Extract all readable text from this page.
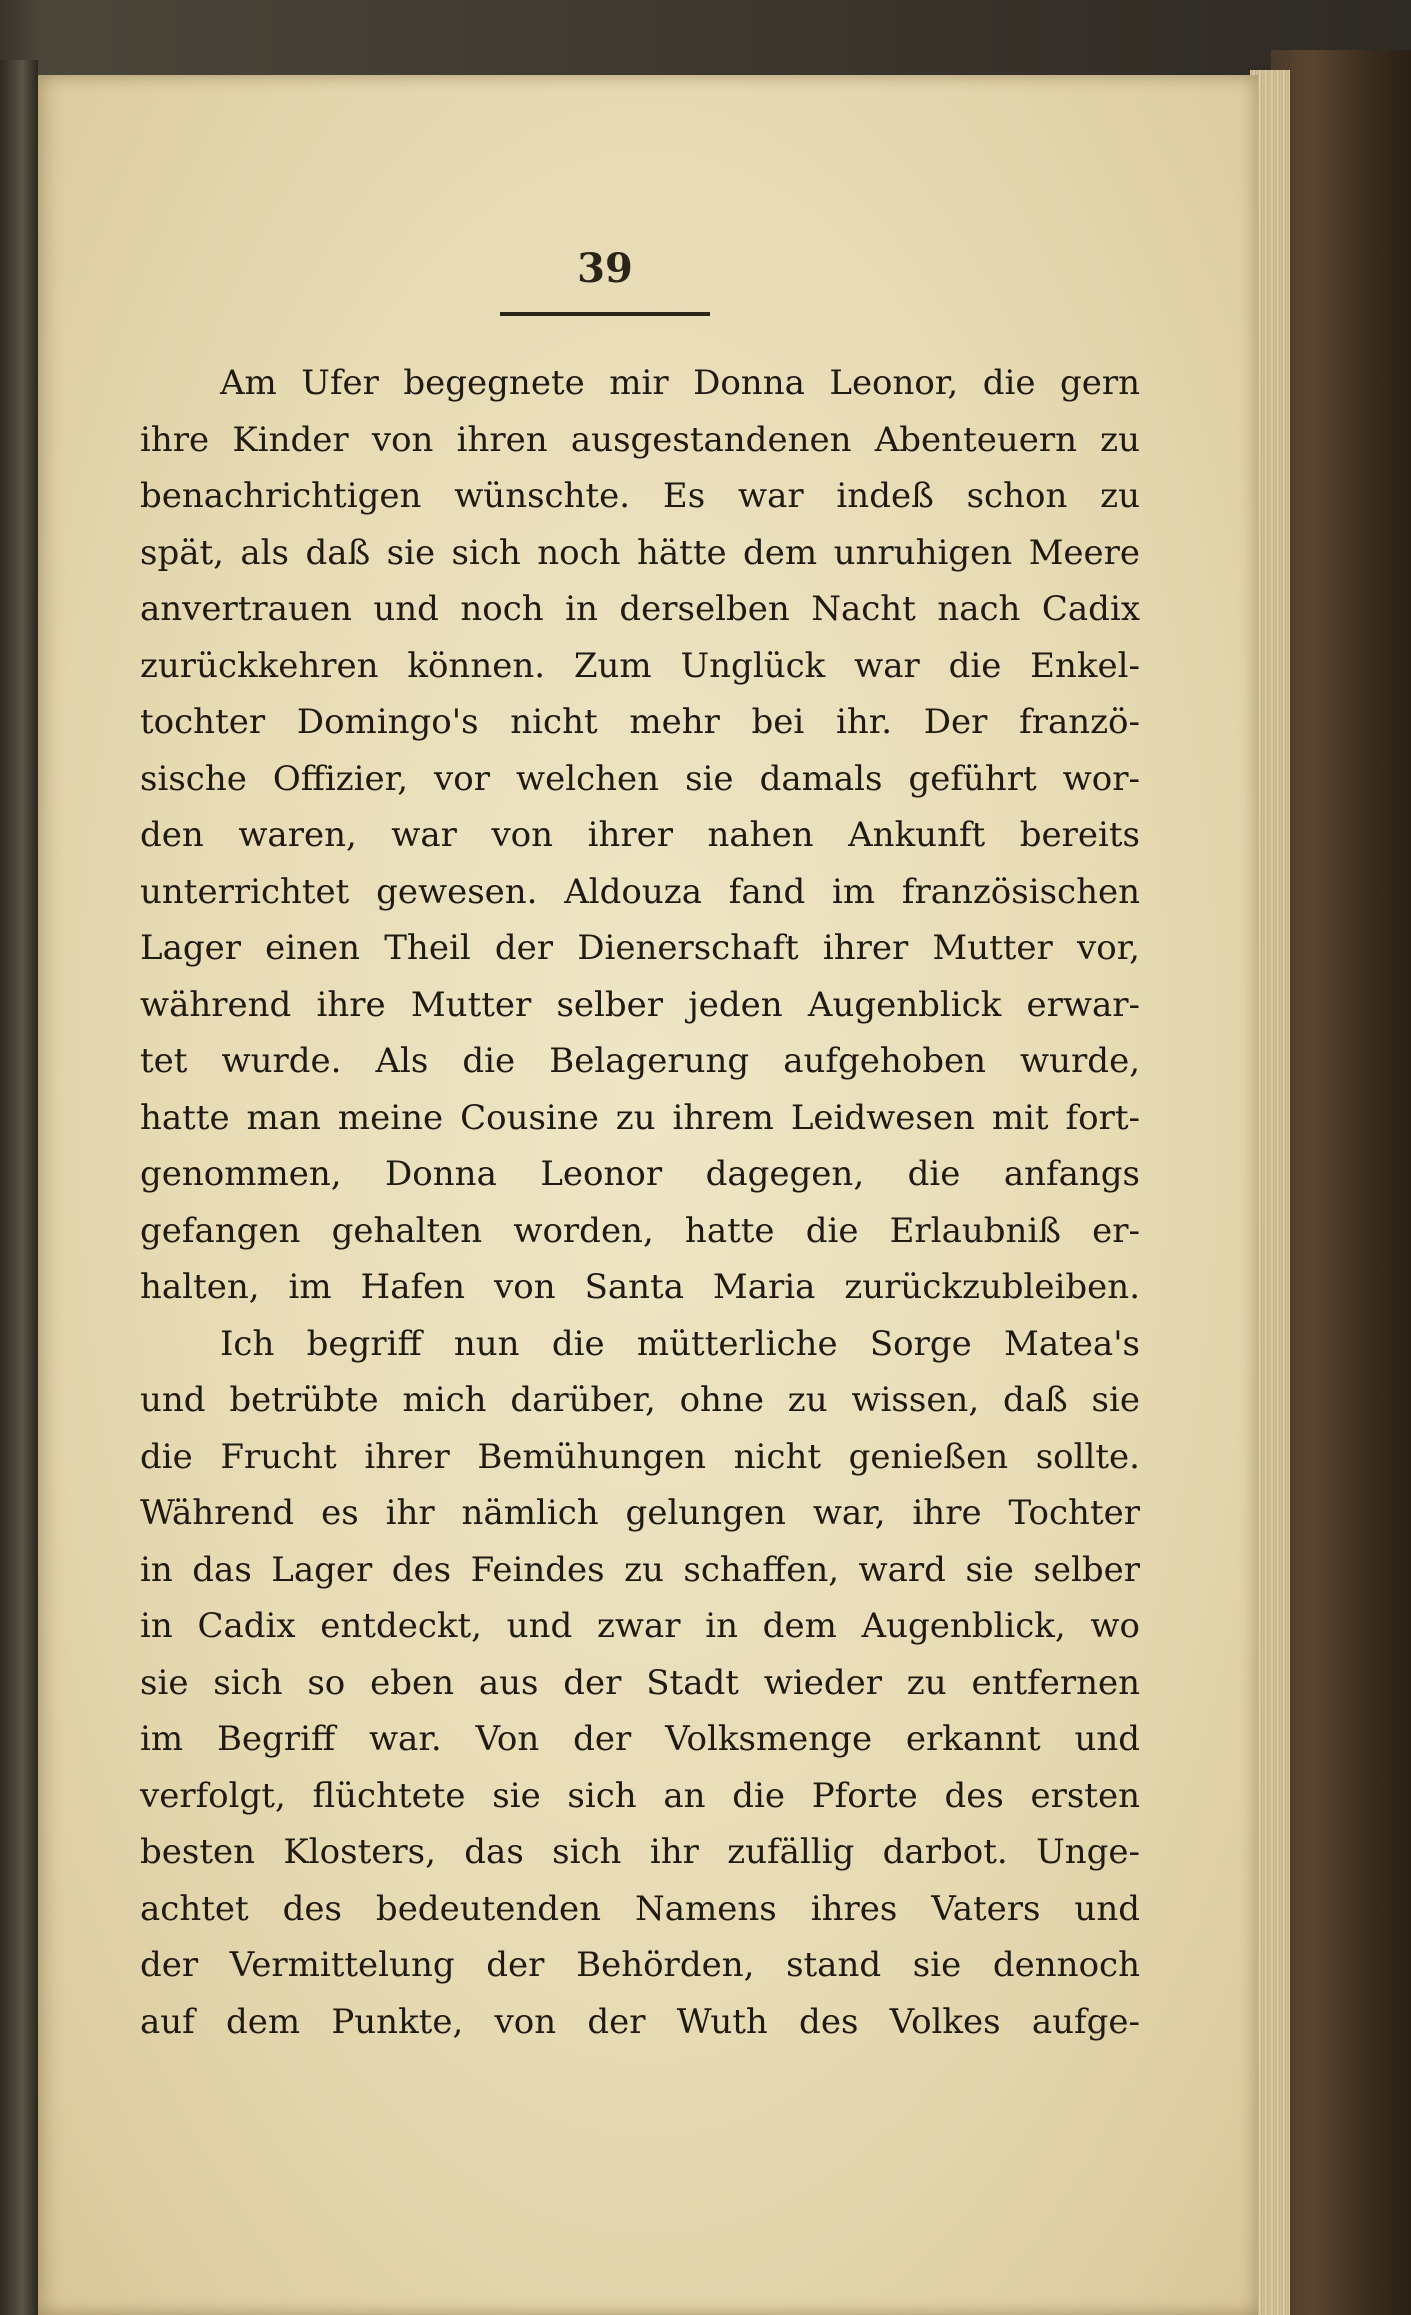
39
Am Ufer begegnete mir Donna Leonor, die gern
ihre Kinder von ihren ausgestandenen Abenteuern zu
benachrichtigen wünschte. Es war indeß schon zu
spät, als daß sie sich noch hätte dem unruhigen Meere
anvertrauen und noch in derselben Nacht nach Cadix
zurückkehren können. Zum Unglück war die Enkel-
tochter Domingo's nicht mehr bei ihr. Der franzö-
sische Offizier, vor welchen sie damals geführt wor-
den waren, war von ihrer nahen Ankunft bereits
unterrichtet gewesen. Aldouza fand im französischen
Lager einen Theil der Dienerschaft ihrer Mutter vor,
während ihre Mutter selber jeden Augenblick erwar-
tet wurde. Als die Belagerung aufgehoben wurde,
hatte man meine Cousine zu ihrem Leidwesen mit fort-
genommen, Donna Leonor dagegen, die anfangs
gefangen gehalten worden, hatte die Erlaubniß er-
halten, im Hafen von Santa Maria zurückzubleiben.
Ich begriff nun die mütterliche Sorge Matea's
und betrübte mich darüber, ohne zu wissen, daß sie
die Frucht ihrer Bemühungen nicht genießen sollte.
Während es ihr nämlich gelungen war, ihre Tochter
in das Lager des Feindes zu schaffen, ward sie selber
in Cadix entdeckt, und zwar in dem Augenblick, wo
sie sich so eben aus der Stadt wieder zu entfernen
im Begriff war. Von der Volksmenge erkannt und
verfolgt, flüchtete sie sich an die Pforte des ersten
besten Klosters, das sich ihr zufällig darbot. Unge-
achtet des bedeutenden Namens ihres Vaters und
der Vermittelung der Behörden, stand sie dennoch
auf dem Punkte, von der Wuth des Volkes aufge-
